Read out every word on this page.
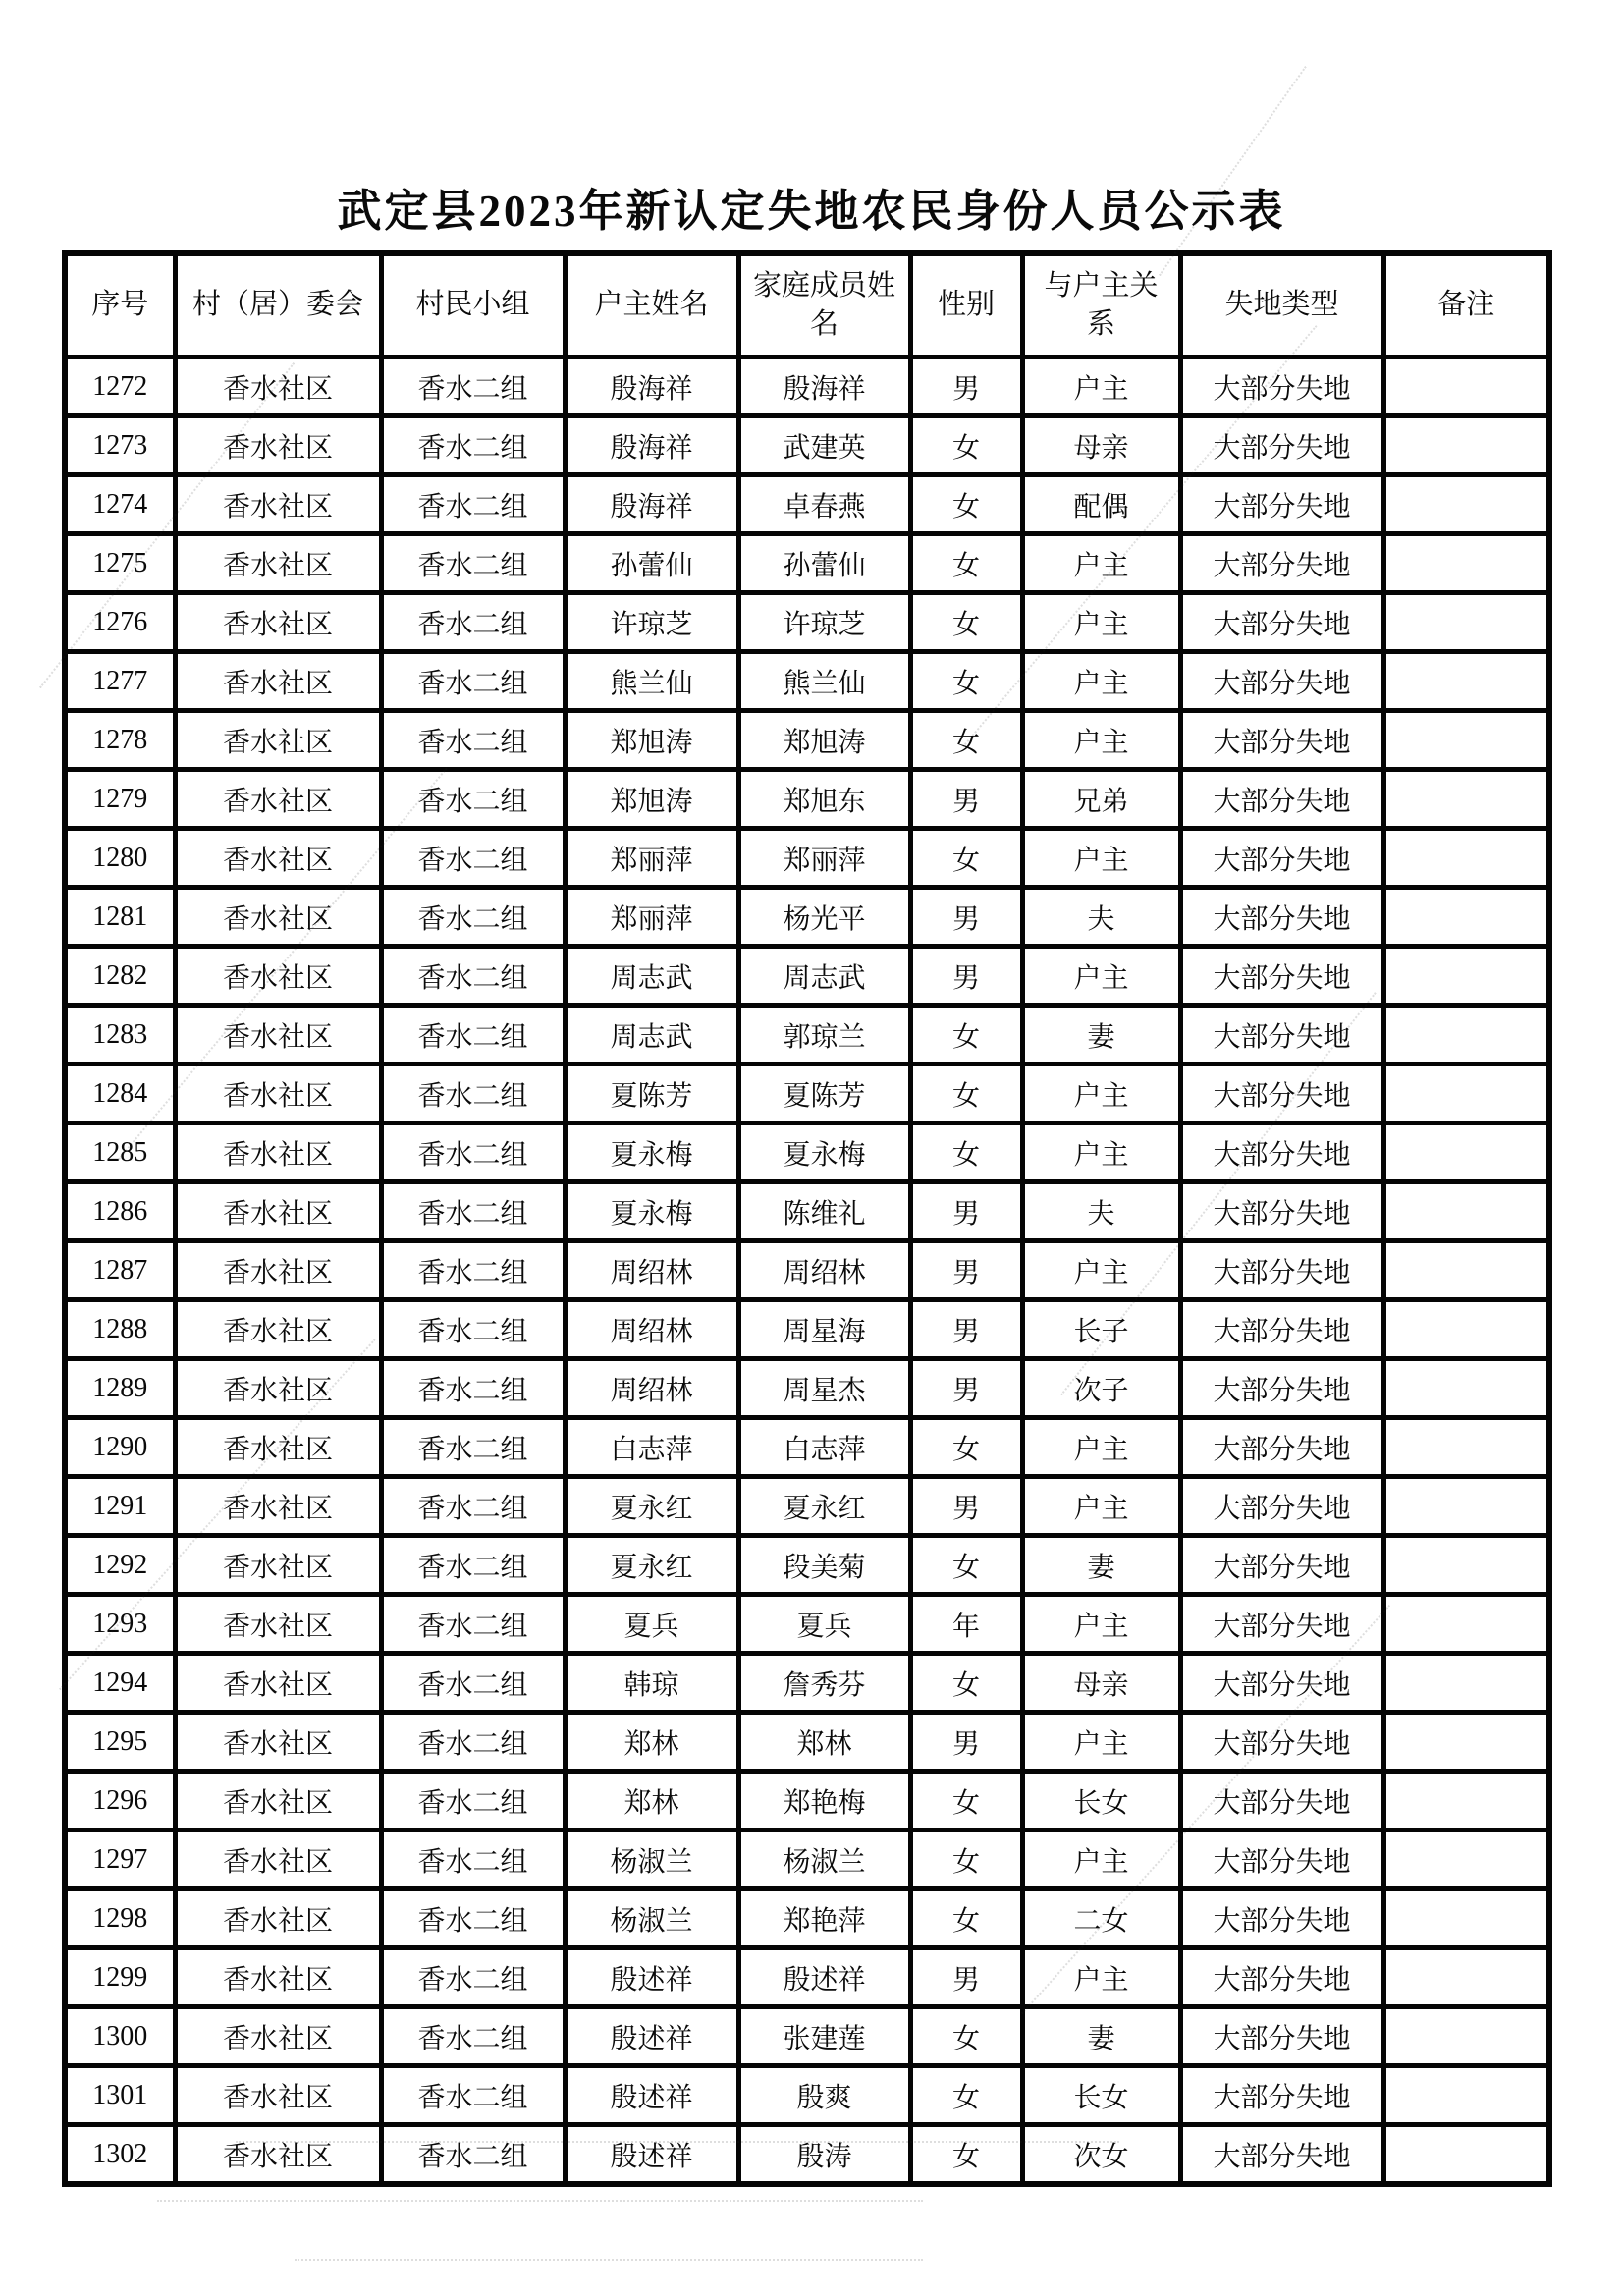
武定县2023年新认定失地农民身份人员公示表
序号	村（居）委会	村民小组	户主姓名	家庭成员姓名	性别	与户主关系	失地类型	备注
1272	香水社区	香水二组	殷海祥	殷海祥	男	户主	大部分失地	
1273	香水社区	香水二组	殷海祥	武建英	女	母亲	大部分失地	
1274	香水社区	香水二组	殷海祥	卓春燕	女	配偶	大部分失地	
1275	香水社区	香水二组	孙蕾仙	孙蕾仙	女	户主	大部分失地	
1276	香水社区	香水二组	许琼芝	许琼芝	女	户主	大部分失地	
1277	香水社区	香水二组	熊兰仙	熊兰仙	女	户主	大部分失地	
1278	香水社区	香水二组	郑旭涛	郑旭涛	女	户主	大部分失地	
1279	香水社区	香水二组	郑旭涛	郑旭东	男	兄弟	大部分失地	
1280	香水社区	香水二组	郑丽萍	郑丽萍	女	户主	大部分失地	
1281	香水社区	香水二组	郑丽萍	杨光平	男	夫	大部分失地	
1282	香水社区	香水二组	周志武	周志武	男	户主	大部分失地	
1283	香水社区	香水二组	周志武	郭琼兰	女	妻	大部分失地	
1284	香水社区	香水二组	夏陈芳	夏陈芳	女	户主	大部分失地	
1285	香水社区	香水二组	夏永梅	夏永梅	女	户主	大部分失地	
1286	香水社区	香水二组	夏永梅	陈维礼	男	夫	大部分失地	
1287	香水社区	香水二组	周绍林	周绍林	男	户主	大部分失地	
1288	香水社区	香水二组	周绍林	周星海	男	长子	大部分失地	
1289	香水社区	香水二组	周绍林	周星杰	男	次子	大部分失地	
1290	香水社区	香水二组	白志萍	白志萍	女	户主	大部分失地	
1291	香水社区	香水二组	夏永红	夏永红	男	户主	大部分失地	
1292	香水社区	香水二组	夏永红	段美菊	女	妻	大部分失地	
1293	香水社区	香水二组	夏兵	夏兵	年	户主	大部分失地	
1294	香水社区	香水二组	韩琼	詹秀芬	女	母亲	大部分失地	
1295	香水社区	香水二组	郑林	郑林	男	户主	大部分失地	
1296	香水社区	香水二组	郑林	郑艳梅	女	长女	大部分失地	
1297	香水社区	香水二组	杨淑兰	杨淑兰	女	户主	大部分失地	
1298	香水社区	香水二组	杨淑兰	郑艳萍	女	二女	大部分失地	
1299	香水社区	香水二组	殷述祥	殷述祥	男	户主	大部分失地	
1300	香水社区	香水二组	殷述祥	张建莲	女	妻	大部分失地	
1301	香水社区	香水二组	殷述祥	殷爽	女	长女	大部分失地	
1302	香水社区	香水二组	殷述祥	殷涛	女	次女	大部分失地	
